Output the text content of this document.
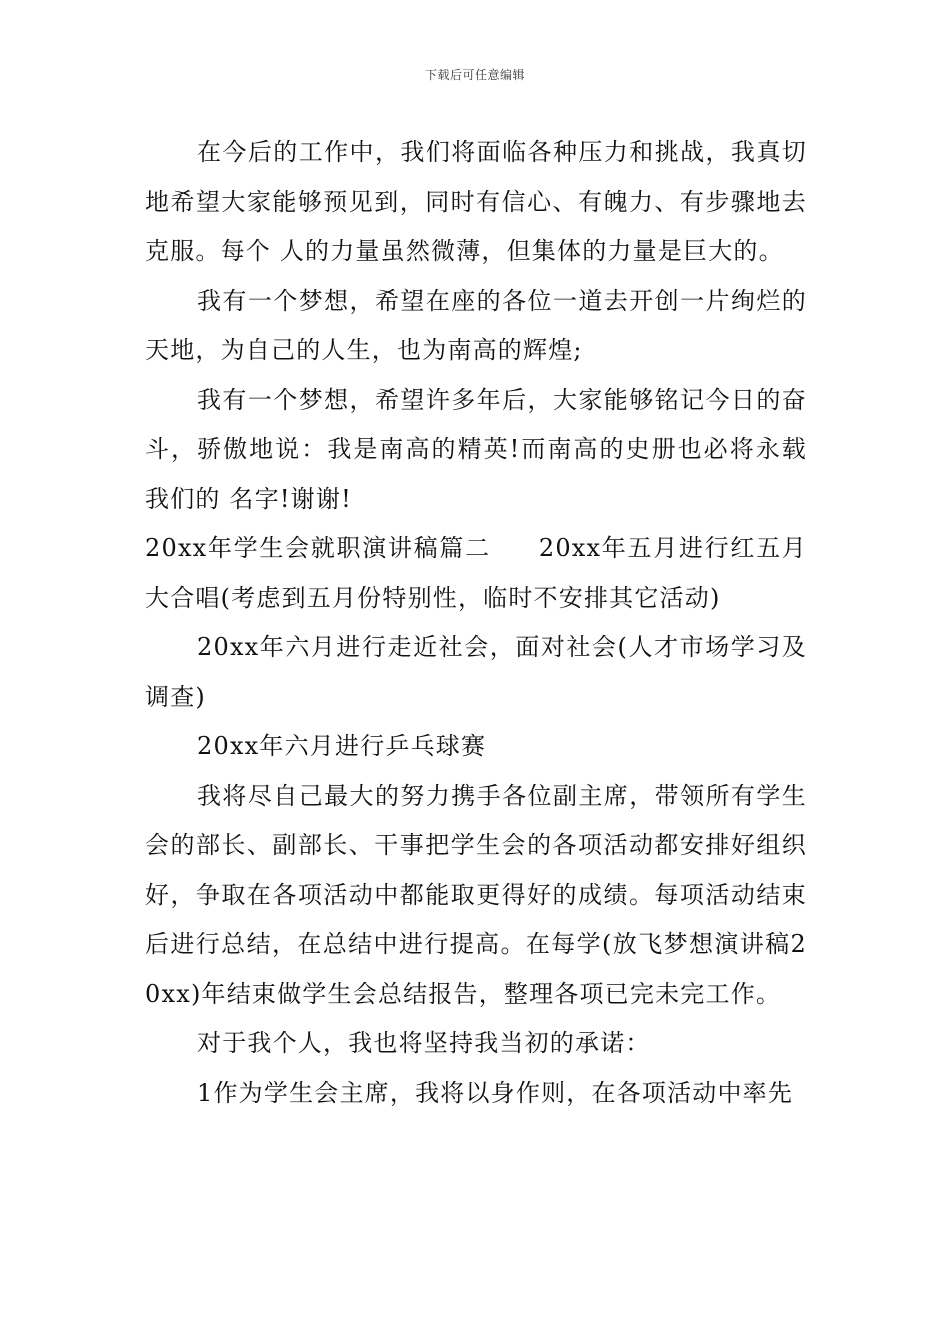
下载后可任意编辑

在今后的工作中，我们将面临各种压力和挑战，我真切地希望大家能够预见到，同时有信心、有魄力、有步骤地去克服。每个 人的力量虽然微薄，但集体的力量是巨大的。

我有一个梦想，希望在座的各位一道去开创一片绚烂的天地，为自己的人生，也为南高的辉煌;

我有一个梦想，希望许多年后，大家能够铭记今日的奋斗，骄傲地说：我是南高的精英!而南高的史册也必将永载我们的 名字!谢谢!

20xx年学生会就职演讲稿篇二 20xx年五月进行红五月大合唱(考虑到五月份特别性，临时不安排其它活动)

20xx年六月进行走近社会，面对社会(人才市场学习及调查)

20xx年六月进行乒乓球赛

我将尽自己最大的努力携手各位副主席，带领所有学生会的部长、副部长、干事把学生会的各项活动都安排好组织好，争取在各项活动中都能取更得好的成绩。每项活动结束后进行总结，在总结中进行提高。在每学(放飞梦想演讲稿20xx)年结束做学生会总结报告，整理各项已完未完工作。

对于我个人，我也将坚持我当初的承诺：

1作为学生会主席，我将以身作则，在各项活动中率先
